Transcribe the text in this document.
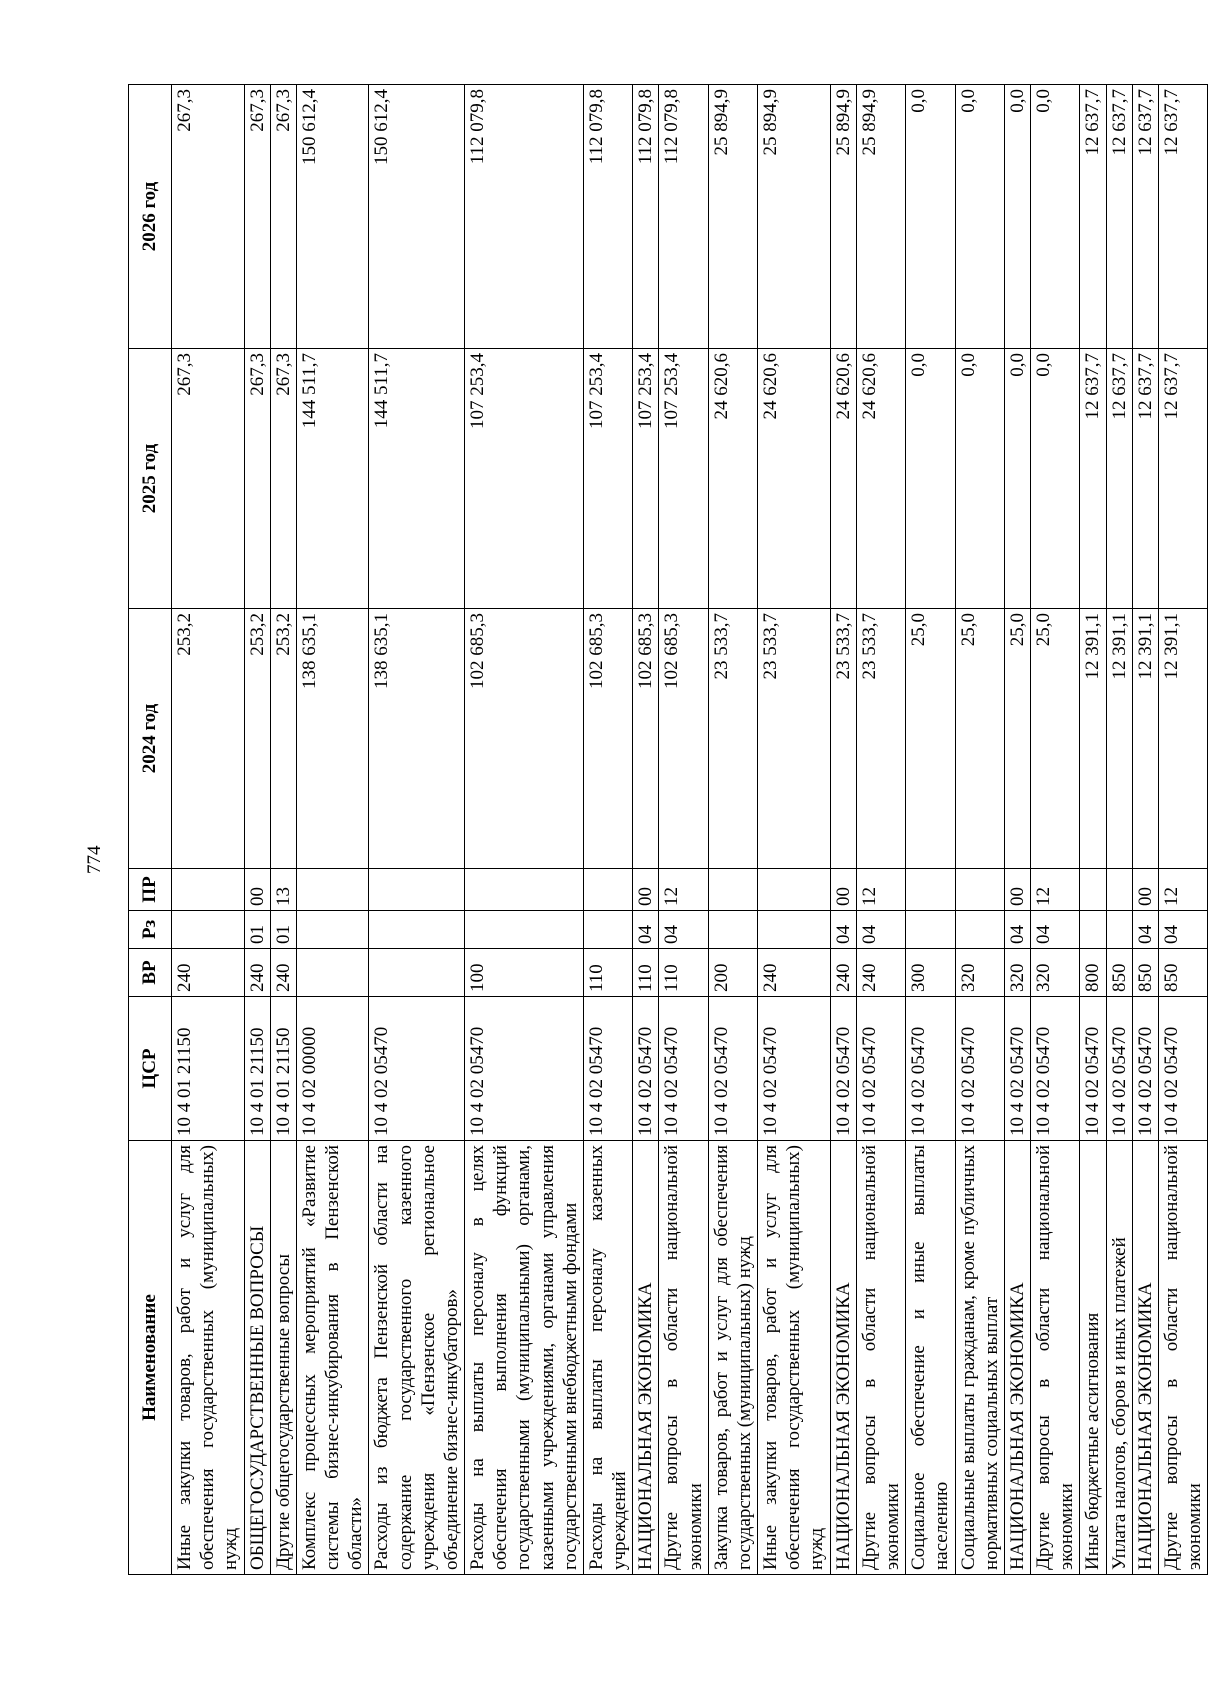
774
Наименование	ЦСР	ВР	Рз	ПР	2024 год	2025 год	2026 год
Иные закупки товаров, работ и услуг для обеспечения государственных (муниципальных) нужд	10 4 01 21150	240			253,2	267,3	267,3
ОБЩЕГОСУДАРСТВЕННЫЕ ВОПРОСЫ	10 4 01 21150	240	01	00	253,2	267,3	267,3
Другие общегосударственные вопросы	10 4 01 21150	240	01	13	253,2	267,3	267,3
Комплекс процессных мероприятий «Развитие системы бизнес-инкубирования в Пензенской области»	10 4 02 00000				138 635,1	144 511,7	150 612,4
Расходы из бюджета Пензенской области на содержание государственного казенного учреждения «Пензенское региональное объединение бизнес-инкубаторов»	10 4 02 05470				138 635,1	144 511,7	150 612,4
Расходы на выплаты персоналу в целях обеспечения выполнения функций государственными (муниципальными) органами, казенными учреждениями, органами управления государственными внебюджетными фондами	10 4 02 05470	100			102 685,3	107 253,4	112 079,8
Расходы на выплаты персоналу казенных учреждений	10 4 02 05470	110			102 685,3	107 253,4	112 079,8
НАЦИОНАЛЬНАЯ ЭКОНОМИКА	10 4 02 05470	110	04	00	102 685,3	107 253,4	112 079,8
Другие вопросы в области национальной экономики	10 4 02 05470	110	04	12	102 685,3	107 253,4	112 079,8
Закупка товаров, работ и услуг для обеспечения государственных (муниципальных) нужд	10 4 02 05470	200			23 533,7	24 620,6	25 894,9
Иные закупки товаров, работ и услуг для обеспечения государственных (муниципальных) нужд	10 4 02 05470	240			23 533,7	24 620,6	25 894,9
НАЦИОНАЛЬНАЯ ЭКОНОМИКА	10 4 02 05470	240	04	00	23 533,7	24 620,6	25 894,9
Другие вопросы в области национальной экономики	10 4 02 05470	240	04	12	23 533,7	24 620,6	25 894,9
Социальное обеспечение и иные выплаты населению	10 4 02 05470	300			25,0	0,0	0,0
Социальные выплаты гражданам, кроме публичных нормативных социальных выплат	10 4 02 05470	320			25,0	0,0	0,0
НАЦИОНАЛЬНАЯ ЭКОНОМИКА	10 4 02 05470	320	04	00	25,0	0,0	0,0
Другие вопросы в области национальной экономики	10 4 02 05470	320	04	12	25,0	0,0	0,0
Иные бюджетные ассигнования	10 4 02 05470	800			12 391,1	12 637,7	12 637,7
Уплата налогов, сборов и иных платежей	10 4 02 05470	850			12 391,1	12 637,7	12 637,7
НАЦИОНАЛЬНАЯ ЭКОНОМИКА	10 4 02 05470	850	04	00	12 391,1	12 637,7	12 637,7
Другие вопросы в области национальной экономики	10 4 02 05470	850	04	12	12 391,1	12 637,7	12 637,7
